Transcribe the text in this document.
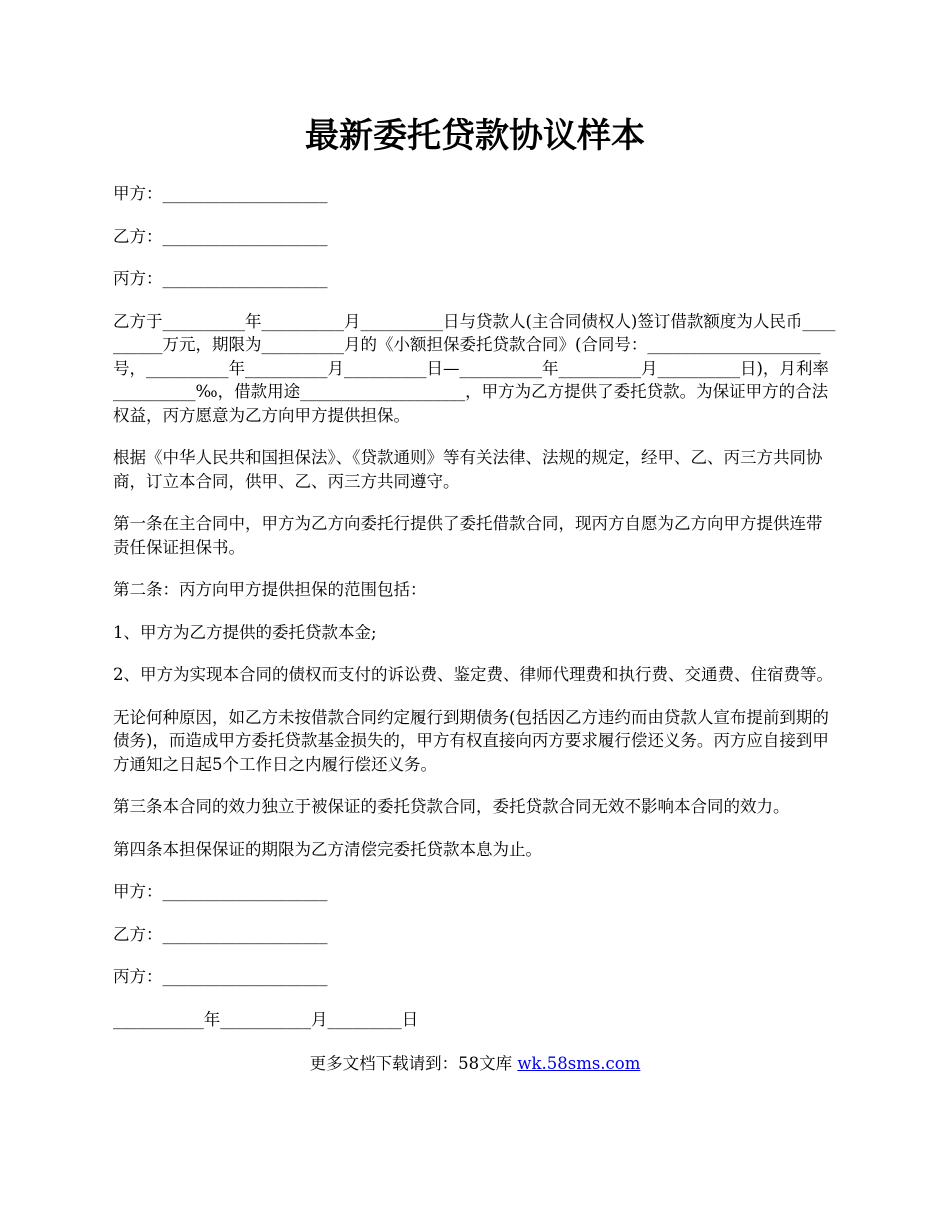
最新委托贷款协议样本

甲方：____________________

乙方：____________________

丙方：____________________

乙方于__________年__________月__________日与贷款人(主合同债权人)签订借款额度为人民币__________万元，期限为__________月的《小额担保委托贷款合同》(合同号：_____________________号，__________年__________月__________日—__________年__________月__________日)，月利率__________‰，借款用途____________________，甲方为乙方提供了委托贷款。为保证甲方的合法权益，丙方愿意为乙方向甲方提供担保。

根据《中华人民共和国担保法》、《贷款通则》等有关法律、法规的规定，经甲、乙、丙三方共同协商，订立本合同，供甲、乙、丙三方共同遵守。

第一条在主合同中，甲方为乙方向委托行提供了委托借款合同，现丙方自愿为乙方向甲方提供连带责任保证担保书。

第二条：丙方向甲方提供担保的范围包括：

1、甲方为乙方提供的委托贷款本金;

2、甲方为实现本合同的债权而支付的诉讼费、鉴定费、律师代理费和执行费、交通费、住宿费等。

无论何种原因，如乙方未按借款合同约定履行到期债务(包括因乙方违约而由贷款人宣布提前到期的债务)，而造成甲方委托贷款基金损失的，甲方有权直接向丙方要求履行偿还义务。丙方应自接到甲方通知之日起5个工作日之内履行偿还义务。

第三条本合同的效力独立于被保证的委托贷款合同，委托贷款合同无效不影响本合同的效力。

第四条本担保保证的期限为乙方清偿完委托贷款本息为止。

甲方：____________________

乙方：____________________

丙方：____________________

___________年___________月_________日

更多文档下载请到：58文库 wk.58sms.com
